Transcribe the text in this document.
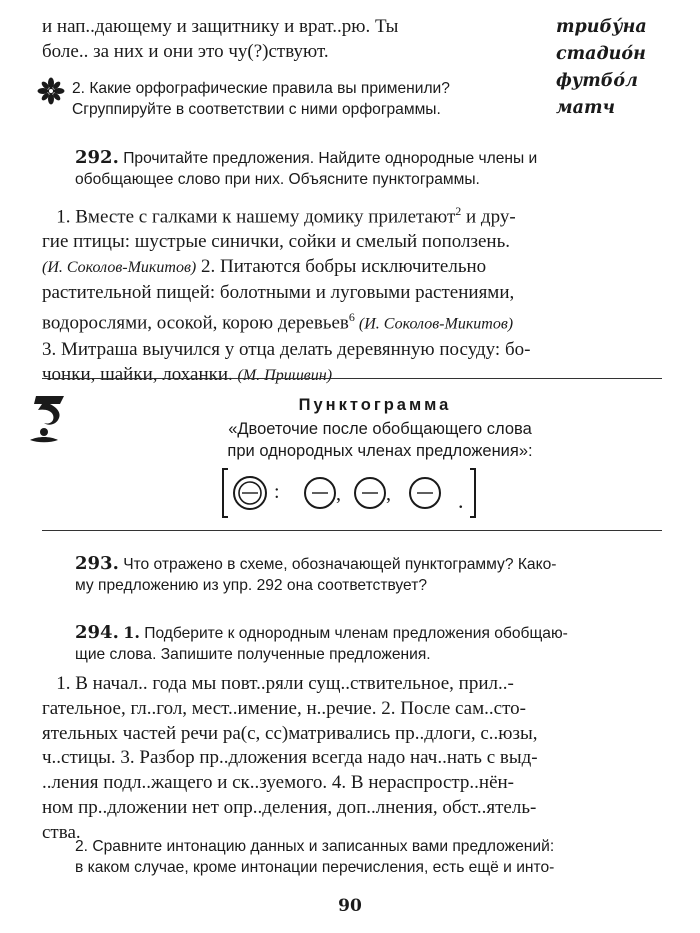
и нап..дающему и защитнику и врат..рю. Ты
боле.. за них и они это чу(?)ствуют.
трибу́на
стадио́н
футбо́л
матч
2. Какие орфографические правила вы применили?
Сгруппируйте в соответствии с ними орфограммы.
292. Прочитайте предложения. Найдите однородные члены и
обобщающее слово при них. Объясните пунктограммы.
1. Вместе с галками к нашему домику прилетают$^2$ и дру-
гие птицы: шустрые синички, сойки и смелый поползень.
(И. Соколов-Микитов) 2. Питаются бобры исключительно
растительной пищей: болотными и луговыми растениями,
водорослями, осокой, корою деревьев$^6$ (И. Соколов-Микитов)
3. Митраша выучился у отца делать деревянную посуду: бо-
чонки, шайки, лоханки. (М. Пришвин)
Пунктограмма
«Двоеточие после обобщающего слова
при однородных членах предложения»:
:	, ,	.
293. Что отражено в схеме, обозначающей пунктограмму? Како-
му предложению из упр. 292 она соответствует?
294. 1. Подберите к однородным членам предложения обобщаю-
щие слова. Запишите полученные предложения.
1. В начал.. года мы повт..ряли сущ..ствительное, прил..-
гательное, гл..гол, мест..имение, н..речие. 2. После сам..сто-
ятельных частей речи ра(с, сс)матривались пр..длоги, с..юзы,
ч..стицы. 3. Разбор пр..дложения всегда надо нач..нать с выд-
..ления подл..жащего и ск..зуемого. 4. В нераспростр..нён-
ном пр..дложении нет опр..деления, доп..лнения, обст..ятель-
ства.
2. Сравните интонацию данных и записанных вами предложений:
в каком случае, кроме интонации перечисления, есть ещё и инто-
90
